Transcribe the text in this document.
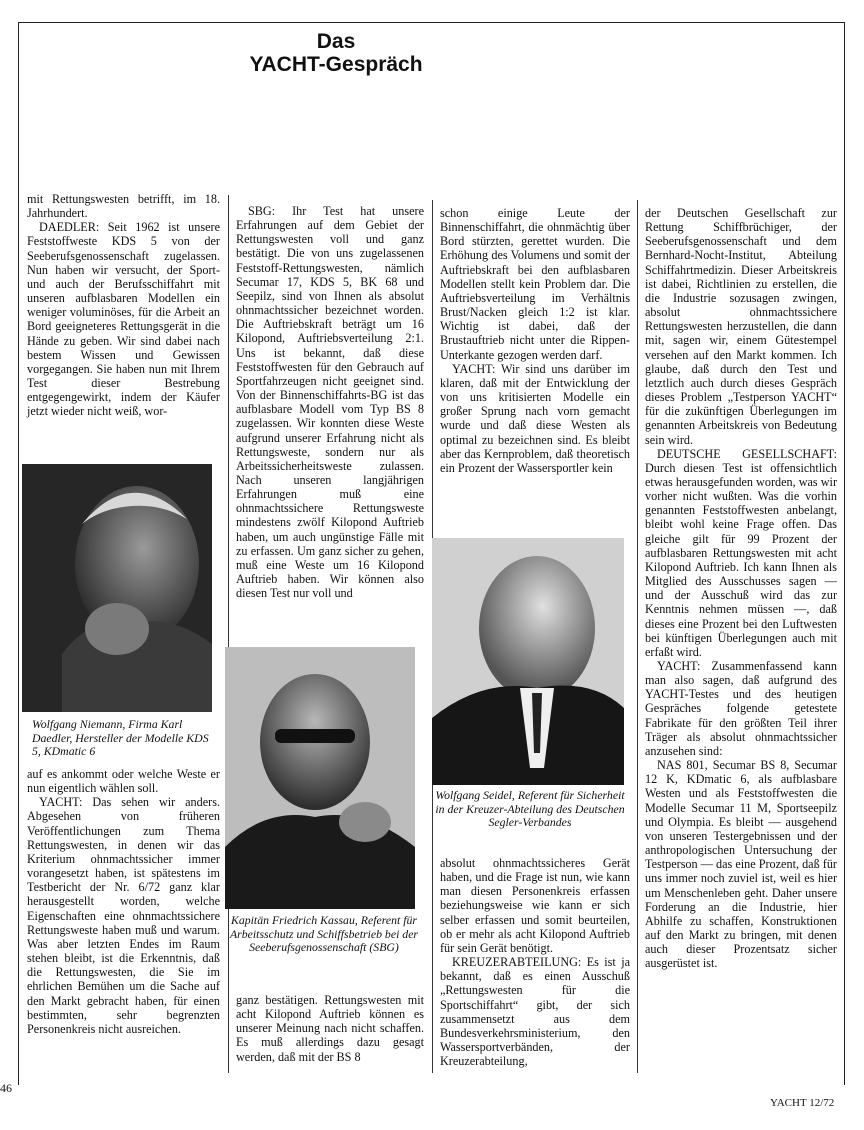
Das
YACHT-Gespräch

mit Rettungswesten betrifft, im 18. Jahrhundert.

DAEDLER: Seit 1962 ist unsere Feststoffweste KDS 5 von der Seeberufsgenossenschaft zugelassen. Nun haben wir versucht, der Sport- und auch der Berufsschiffahrt mit unseren aufblasbaren Modellen ein weniger voluminöses, für die Arbeit an Bord geeigneteres Rettungsgerät in die Hände zu geben. Wir sind dabei nach bestem Wissen und Gewissen vorgegangen. Sie haben nun mit Ihrem Test dieser Bestrebung entgegengewirkt, indem der Käufer jetzt wieder nicht weiß, wor-

Wolfgang Niemann, Firma Karl Daedler, Hersteller der Modelle KDS 5, KDmatic 6

auf es ankommt oder welche Weste er nun eigentlich wählen soll.

YACHT: Das sehen wir anders. Abgesehen von früheren Veröffentlichungen zum Thema Rettungswesten, in denen wir das Kriterium ohnmachtssicher immer vorangesetzt haben, ist spätestens im Testbericht der Nr. 6/72 ganz klar herausgestellt worden, welche Eigenschaften eine ohnmachtssichere Rettungsweste haben muß und warum. Was aber letzten Endes im Raum stehen bleibt, ist die Erkenntnis, daß die Rettungswesten, die Sie im ehrlichen Bemühen um die Sache auf den Markt gebracht haben, für einen bestimmten, sehr begrenzten Personenkreis nicht ausreichen.

SBG: Ihr Test hat unsere Erfahrungen auf dem Gebiet der Rettungswesten voll und ganz bestätigt. Die von uns zugelassenen Feststoff-Rettungswesten, nämlich Secumar 17, KDS 5, BK 68 und Seepilz, sind von Ihnen als absolut ohnmachtssicher bezeichnet worden. Die Auftriebskraft beträgt um 16 Kilopond, Auftriebsverteilung 2:1. Uns ist bekannt, daß diese Feststoffwesten für den Gebrauch auf Sportfahrzeugen nicht geeignet sind. Von der Binnenschiffahrts-BG ist das aufblasbare Modell vom Typ BS 8 zugelassen. Wir konnten diese Weste aufgrund unserer Erfahrung nicht als Rettungsweste, sondern nur als Arbeitssicherheitsweste zulassen. Nach unseren langjährigen Erfahrungen muß eine ohnmachtssichere Rettungsweste mindestens zwölf Kilopond Auftrieb haben, um auch ungünstige Fälle mit zu erfassen. Um ganz sicher zu gehen, muß eine Weste um 16 Kilopond Auftrieb haben. Wir können also diesen Test nur voll und

Kapitän Friedrich Kassau, Referent für Arbeitsschutz und Schiffsbetrieb bei der Seeberufsgenossenschaft (SBG)

ganz bestätigen. Rettungswesten mit acht Kilopond Auftrieb können es unserer Meinung nach nicht schaffen. Es muß allerdings dazu gesagt werden, daß mit der BS 8

schon einige Leute der Binnenschiffahrt, die ohnmächtig über Bord stürzten, gerettet wurden. Die Erhöhung des Volumens und somit der Auftriebskraft bei den aufblasbaren Modellen stellt kein Problem dar. Die Auftriebsverteilung im Verhältnis Brust/Nacken gleich 1:2 ist klar. Wichtig ist dabei, daß der Brustauftrieb nicht unter die Rippen-Unterkante gezogen werden darf.

YACHT: Wir sind uns darüber im klaren, daß mit der Entwicklung der von uns kritisierten Modelle ein großer Sprung nach vorn gemacht wurde und daß diese Westen als optimal zu bezeichnen sind. Es bleibt aber das Kernproblem, daß theoretisch ein Prozent der Wassersportler kein

Wolfgang Seidel, Referent für Sicherheit in der Kreuzer-Abteilung des Deutschen Segler-Verbandes

absolut ohnmachtssicheres Gerät haben, und die Frage ist nun, wie kann man diesen Personenkreis erfassen beziehungsweise wie kann er sich selber erfassen und somit beurteilen, ob er mehr als acht Kilopond Auftrieb für sein Gerät benötigt.

KREUZERABTEILUNG: Es ist ja bekannt, daß es einen Ausschuß „Rettungswesten für die Sportschiffahrt“ gibt, der sich zusammensetzt aus dem Bundesverkehrsministerium, den Wassersportverbänden, der Kreuzerabteilung,

der Deutschen Gesellschaft zur Rettung Schiffbrüchiger, der Seeberufsgenossenschaft und dem Bernhard-Nocht-Institut, Abteilung Schiffahrtmedizin. Dieser Arbeitskreis ist dabei, Richtlinien zu erstellen, die die Industrie sozusagen zwingen, absolut ohnmachtssichere Rettungswesten herzustellen, die dann mit, sagen wir, einem Gütestempel versehen auf den Markt kommen. Ich glaube, daß durch den Test und letztlich auch durch dieses Gespräch dieses Problem „Testperson YACHT“ für die zukünftigen Überlegungen im genannten Arbeitskreis von Bedeutung sein wird.

DEUTSCHE GESELLSCHAFT: Durch diesen Test ist offensichtlich etwas herausgefunden worden, was wir vorher nicht wußten. Was die vorhin genannten Feststoffwesten anbelangt, bleibt wohl keine Frage offen. Das gleiche gilt für 99 Prozent der aufblasbaren Rettungswesten mit acht Kilopond Auftrieb. Ich kann Ihnen als Mitglied des Ausschusses sagen — und der Ausschuß wird das zur Kenntnis nehmen müssen —, daß dieses eine Prozent bei den Luftwesten bei künftigen Überlegungen auch mit erfaßt wird.

YACHT: Zusammenfassend kann man also sagen, daß aufgrund des YACHT-Testes und des heutigen Gespräches folgende getestete Fabrikate für den größten Teil ihrer Träger als absolut ohnmachtssicher anzusehen sind:

NAS 801, Secumar BS 8, Secumar 12 K, KDmatic 6, als aufblasbare Westen und als Feststoffwesten die Modelle Secumar 11 M, Sportseepilz und Olympia. Es bleibt — ausgehend von unseren Testergebnissen und der anthropologischen Untersuchung der Testperson — das eine Prozent, daß für uns immer noch zuviel ist, weil es hier um Menschenleben geht. Daher unsere Forderung an die Industrie, hier Abhilfe zu schaffen, Konstruktionen auf den Markt zu bringen, mit denen auch dieser Prozentsatz sicher ausgerüstet ist.

46
YACHT 12/72
